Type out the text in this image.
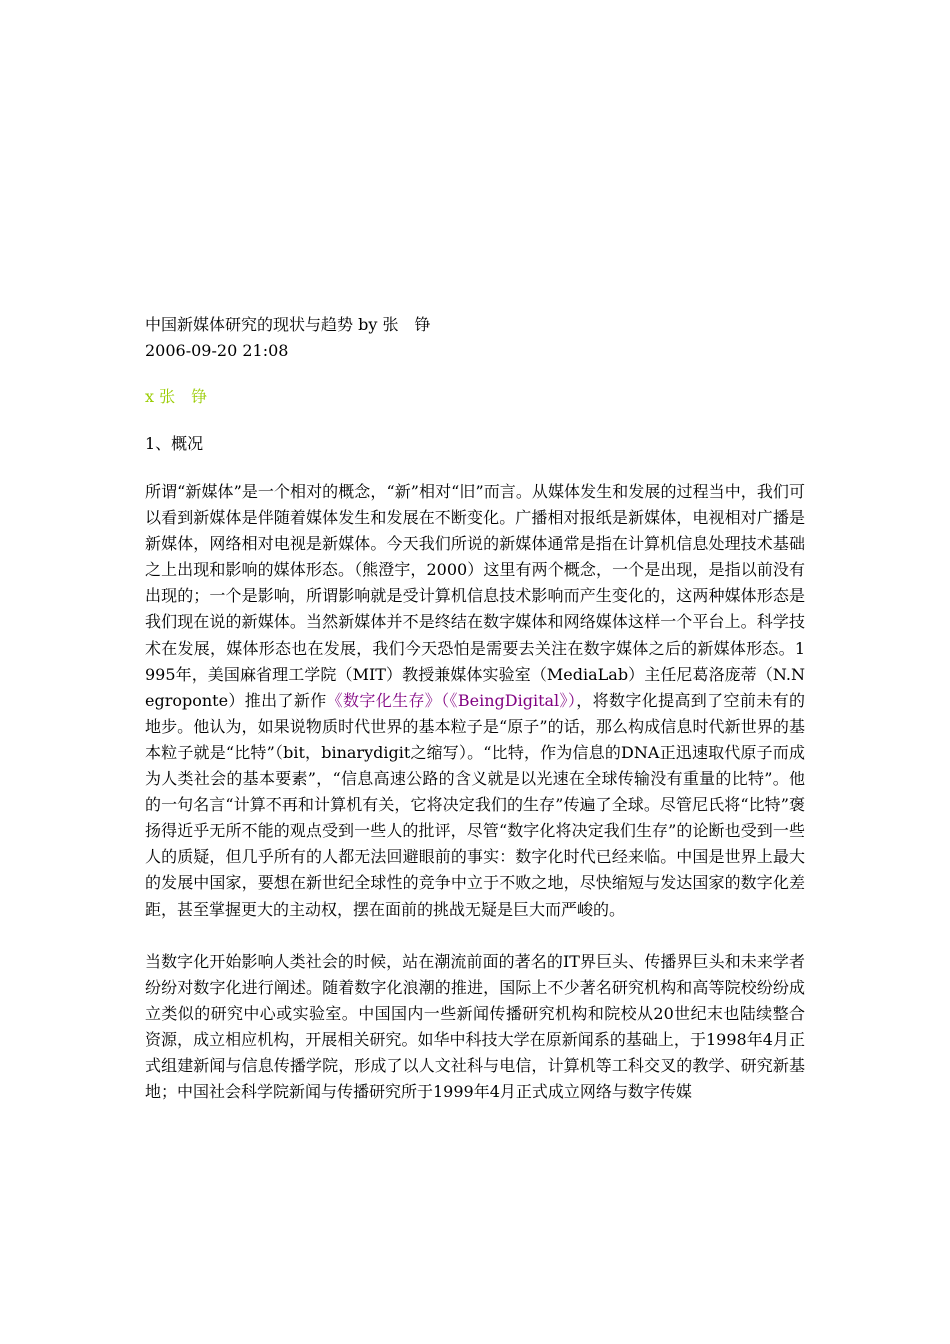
中国新媒体研究的现状与趋势 by 张　铮

2006-09-20 21:08

x 张　铮

1、概况

所谓“新媒体”是一个相对的概念，“新”相对“旧”而言。从媒体发生和发展的过程当中，我们可以看到新媒体是伴随着媒体发生和发展在不断变化。广播相对报纸是新媒体，电视相对广播是新媒体，网络相对电视是新媒体。今天我们所说的新媒体通常是指在计算机信息处理技术基础之上出现和影响的媒体形态。（熊澄宇，2000）这里有两个概念，一个是出现，是指以前没有出现的；一个是影响，所谓影响就是受计算机信息技术影响而产生变化的，这两种媒体形态是我们现在说的新媒体。当然新媒体并不是终结在数字媒体和网络媒体这样一个平台上。科学技术在发展，媒体形态也在发展，我们今天恐怕是需要去关注在数字媒体之后的新媒体形态。1995年，美国麻省理工学院（MIT）教授兼媒体实验室（MediaLab）主任尼葛洛庞蒂（N.Negroponte）推出了新作《数字化生存》（《BeingDigital》），将数字化提高到了空前未有的地步。他认为，如果说物质时代世界的基本粒子是“原子”的话，那么构成信息时代新世界的基本粒子就是“比特”（bit，binarydigit之缩写）。“比特，作为信息的DNA正迅速取代原子而成为人类社会的基本要素”，“信息高速公路的含义就是以光速在全球传输没有重量的比特”。他的一句名言“计算不再和计算机有关，它将决定我们的生存”传遍了全球。尽管尼氏将“比特”褒扬得近乎无所不能的观点受到一些人的批评，尽管“数字化将决定我们生存”的论断也受到一些人的质疑，但几乎所有的人都无法回避眼前的事实：数字化时代已经来临。中国是世界上最大的发展中国家，要想在新世纪全球性的竞争中立于不败之地，尽快缩短与发达国家的数字化差距，甚至掌握更大的主动权，摆在面前的挑战无疑是巨大而严峻的。

当数字化开始影响人类社会的时候，站在潮流前面的著名的IT界巨头、传播界巨头和未来学者纷纷对数字化进行阐述。随着数字化浪潮的推进，国际上不少著名研究机构和高等院校纷纷成立类似的研究中心或实验室。中国国内一些新闻传播研究机构和院校从20世纪末也陆续整合资源，成立相应机构，开展相关研究。如华中科技大学在原新闻系的基础上，于1998年4月正式组建新闻与信息传播学院，形成了以人文社科与电信，计算机等工科交叉的教学、研究新基地；中国社会科学院新闻与传播研究所于1999年4月正式成立网络与数字传媒
